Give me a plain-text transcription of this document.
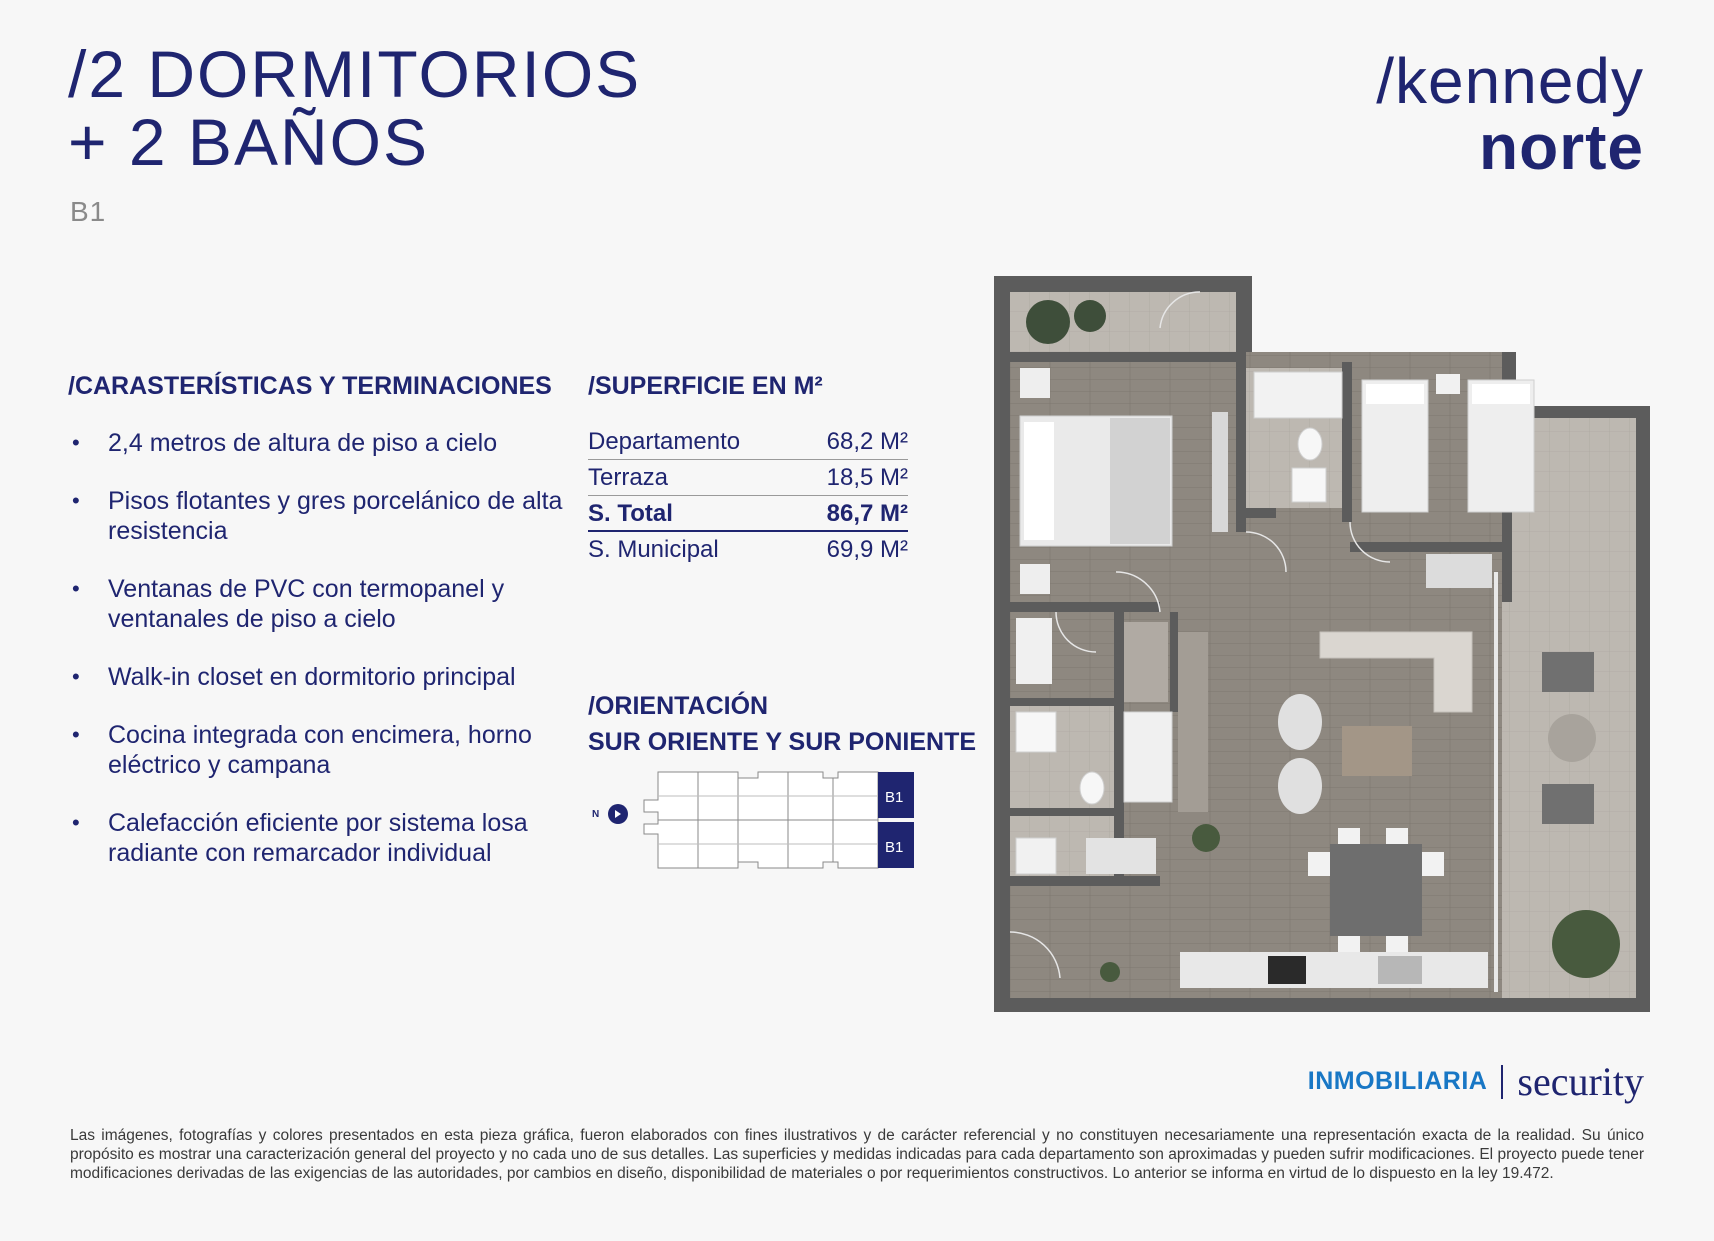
/2 DORMITORIOS
+ 2 BAÑOS
B1
/kennedy
norte
/CARASTERÍSTICAS Y TERMINACIONES
• 2,4 metros de altura de piso a cielo
• Pisos flotantes y gres porcelánico de alta resistencia
• Ventanas de PVC con termopanel y ventanales de piso a cielo
• Walk-in closet en dormitorio principal
• Cocina integrada con encimera, horno eléctrico y campana
• Calefacción eficiente por sistema losa radiante con remarcador individual
/SUPERFICIE EN M²
Departamento	68,2 M²
Terraza	18,5 M²
S. Total	86,7 M²
S. Municipal	69,9 M²
/ORIENTACIÓN
SUR ORIENTE Y SUR PONIENTE
N
B1
B1
INMOBILIARIA security
Las imágenes, fotografías y colores presentados en esta pieza gráfica, fueron elaborados con fines ilustrativos y de carácter referencial y no constituyen necesariamente una representación exacta de la realidad. Su único propósito es mostrar una caracterización general del proyecto y no cada uno de sus detalles. Las superficies y medidas indicadas para cada departamento son aproximadas y pueden sufrir modificaciones. El proyecto puede tener modificaciones derivadas de las exigencias de las autoridades, por cambios en diseño, disponibilidad de materiales o por requerimientos constructivos. Lo anterior se informa en virtud de lo dispuesto en la ley 19.472.
